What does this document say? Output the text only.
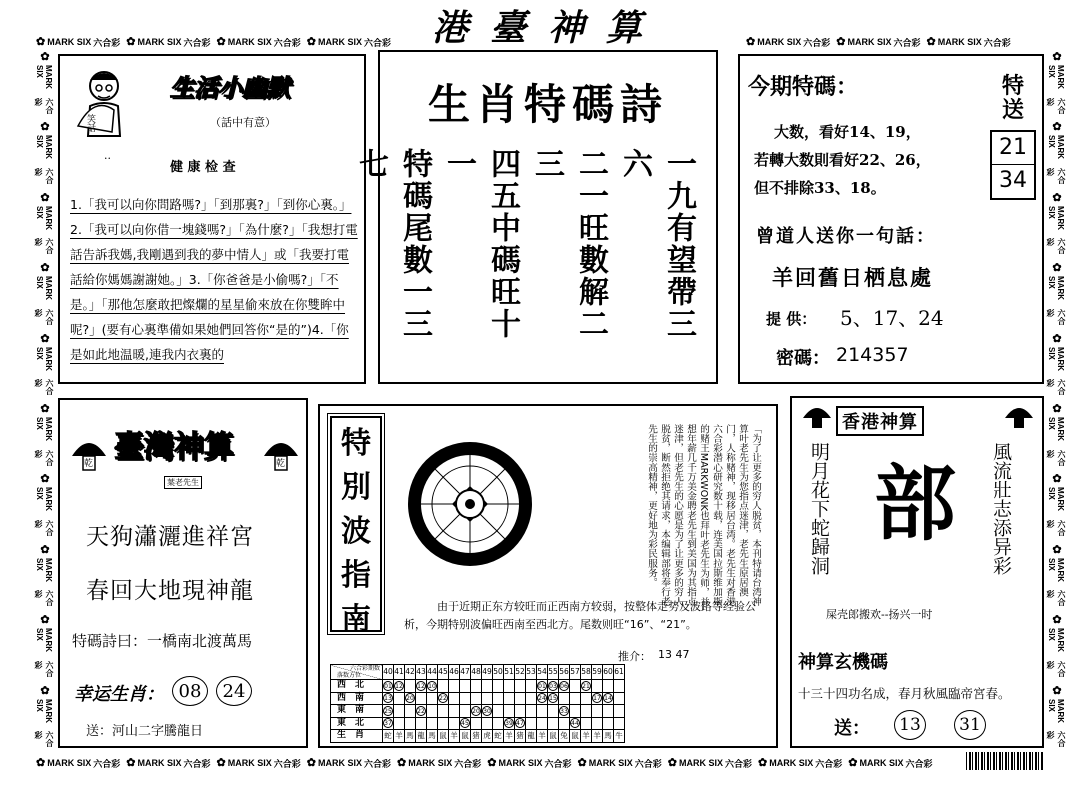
港臺神算
✿ MARK SIX 六合彩 ✿ MARK SIX 六合彩 ✿ MARK SIX 六合彩 ✿ MARK SIX 六合彩	✿ MARK SIX 六合彩 ✿ MARK SIX 六合彩 ✿ MARK SIX 六合彩
✿ MARK SIX 六合彩 ✿ MARK SIX 六合彩 ✿ MARK SIX 六合彩 ✿ MARK SIX 六合彩 ✿ MARK SIX 六合彩 ✿ MARK SIX 六合彩 ✿ MARK SIX 六合彩 ✿ MARK SIX 六合彩 ✿ MARK SIX 六合彩 ✿ MARK SIX 六合彩
✿
MARK SIX
六合彩
✿
MARK SIX
六合彩
✿
MARK SIX
六合彩
✿
MARK SIX
六合彩
✿
MARK SIX
六合彩
✿
MARK SIX
六合彩
✿
MARK SIX
六合彩
✿
MARK SIX
六合彩
✿
MARK SIX
六合彩
✿
MARK SIX
六合彩
✿
MARK SIX
六合彩
✿
MARK SIX
六合彩
✿
MARK SIX
六合彩
✿
MARK SIX
六合彩
✿
MARK SIX
六合彩
✿
MARK SIX
六合彩
✿
MARK SIX
六合彩
✿
MARK SIX
六合彩
✿
MARK SIX
六合彩
✿
MARK SIX
六合彩
笑話
生活小幽默
（話中有意）
··
健 康 检 查
1.「我可以向你問路嗎?」「到那裏?」「到你心裏。」2.「我可以向你借一塊錢嗎?」「為什麼?」「我想打電話告訴我媽,我剛遇到我的夢中情人」或「我要打電話給你媽媽謝謝她。」3.「你爸爸是小偷嗎?」「不是。」「那他怎麼敢把燦爛的星星偷來放在你雙眸中呢?」(要有心裏準備如果她們回答你“是的”)4.「你是如此地温暖,連我内衣裏的
生肖特碼詩
一九有望帶三六
二一旺數解二三
四五中碼旺十一
特碼尾數一三七
今期特碼：
大数，看好14、19，
若轉大数則看好22、26，
但不排除33、18。
特送
21
34
曾道人送你一句話：
羊回舊日栖息處
提 供： 5、17、24
密碼： 214357
乾 臺灣神算	乾
葉老先生
天狗瀟灑進祥宮
春回大地現神龍
特碼詩曰：一橋南北渡萬馬
幸运生肖： 08	24
送：河山二字騰龍日
特
別
波
指
南
「为了让更多的穷人脱贫，本刊特请台湾神算叶老先生为您指点迷津，老先生原居澳门，人称赌神，现移居台湾。老先生对香港六合彩潜心研究数十载，连美国拉斯维加斯的赌王MARKWONK也拜叶老先生为师，并想年薪几千万美金聘老先生到美国为其指点迷津，但老先生的心愿是为了让更多的穷人脱贫，断然拒绝其请求，本编辑部将奉行老先生的崇高精神，更好地为彩民服务。
由于近期正东方较旺而正西南方较弱，按整体走势及波路等经验公析，今期特别波偏旺西南至西北方。尾数则旺“16”、“21”。
推介： 13 47
六合彩期数
落数方位	40	41	42	43	44	45	46	47	48	49	50	51	52	53	54	55	56	57	58	59	60	61
西　北	01	12		12	10										01	03	06		21			
西　南	13		20			22									24	15				17	14	
東　南	25			22					20	30							33					
東　北	37							45				39	47					44				
生　肖	蛇	羊	馬	龍	馬	鼠	羊	鼠	猪	虎	蛇	羊	猪	龍	羊	鼠	兔	鼠	羊	羊	馬	牛
香港神算
明月花下蛇歸洞 部 風流壯志添异彩
屎壳郎搬欢--扬兴一时
神算玄機碼
十三十四功名成，春月秋風臨帝宮春。
送：	13	31
